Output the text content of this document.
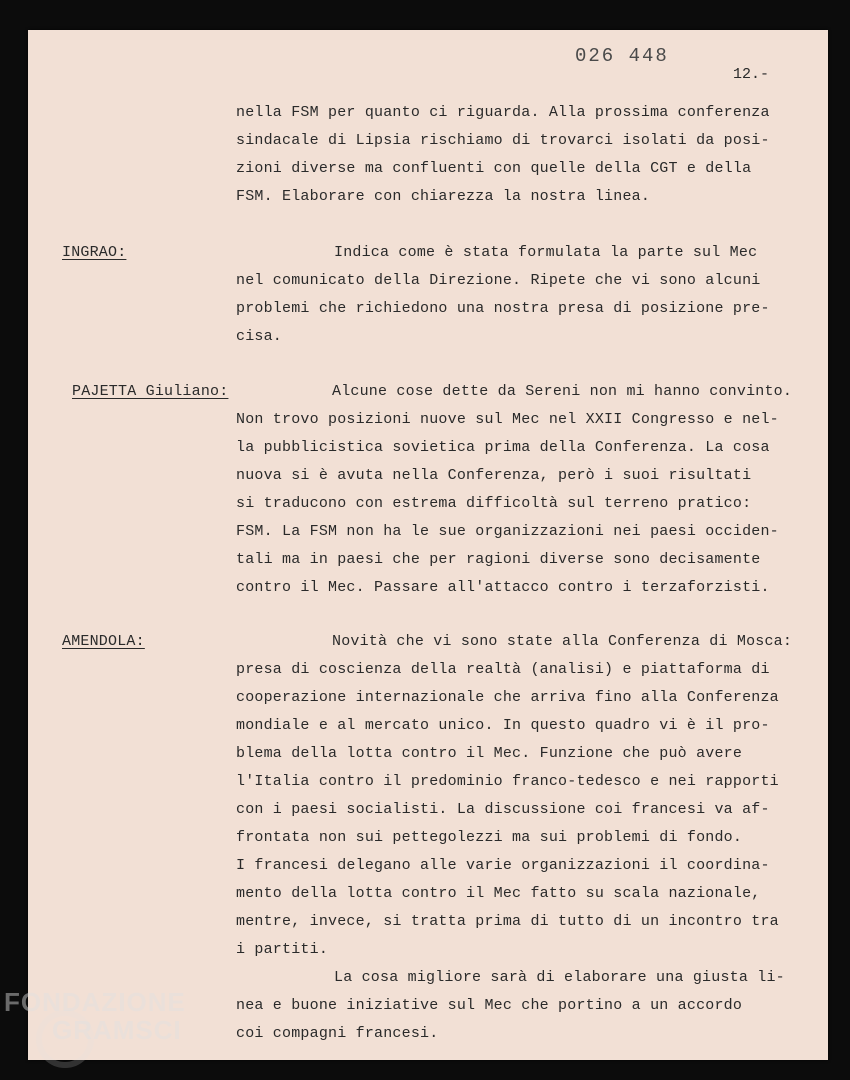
026 448
12.-
nella FSM per quanto ci riguarda. Alla prossima conferenza
sindacale di Lipsia rischiamo di trovarci isolati da posi-
zioni diverse ma confluenti con quelle della CGT e della
FSM. Elaborare con chiarezza la nostra linea.
INGRAO:	Indica come è stata formulata la parte sul Mec
nel comunicato della Direzione. Ripete che vi sono alcuni
problemi che richiedono una nostra presa di posizione pre-
cisa.
PAJETTA Giuliano:	Alcune cose dette da Sereni non mi hanno convinto.
Non trovo posizioni nuove sul Mec nel XXII Congresso e nel-
la pubblicistica sovietica prima della Conferenza. La cosa
nuova si è avuta nella Conferenza, però i suoi risultati
si traducono con estrema difficoltà sul terreno pratico:
FSM. La FSM non ha le sue organizzazioni nei paesi occiden-
tali ma in paesi che per ragioni diverse sono decisamente
contro il Mec. Passare all'attacco contro i terzaforzisti.
AMENDOLA:	Novità che vi sono state alla Conferenza di Mosca:
presa di coscienza della realtà (analisi) e piattaforma di
cooperazione internazionale che arriva fino alla Conferenza
mondiale e al mercato unico. In questo quadro vi è il pro-
blema della lotta contro il Mec. Funzione che può avere
l'Italia contro il predominio franco-tedesco e nei rapporti
con i paesi socialisti. La discussione coi francesi va af-
frontata non sui pettegolezzi ma sui problemi di fondo.
I francesi delegano alle varie organizzazioni il coordina-
mento della lotta contro il Mec fatto su scala nazionale,
mentre, invece, si tratta prima di tutto di un incontro tra
i partiti.
La cosa migliore sarà di elaborare una giusta li-
nea e buone iniziative sul Mec che portino a un accordo
coi compagni francesi.
FONDAZIONE
GRAMSCI
